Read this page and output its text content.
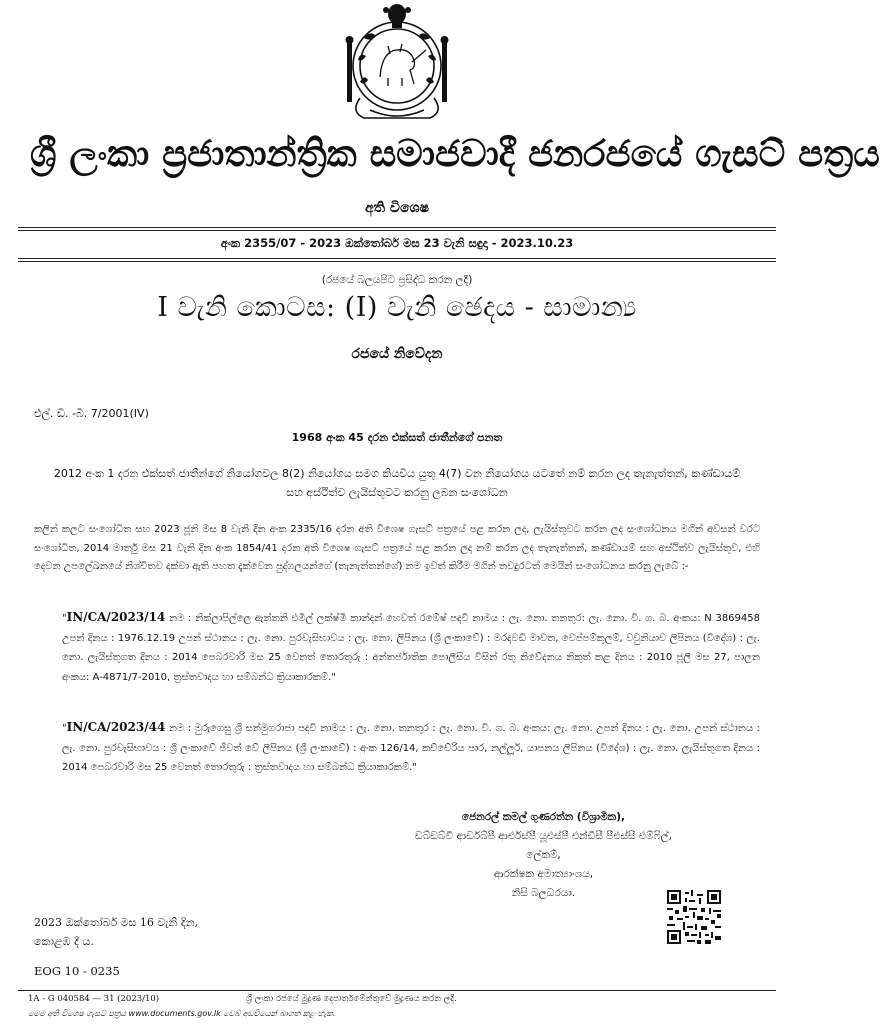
ශ්‍රී ලංකා ප්‍රජාතාන්ත්‍රික සමාජවාදී ජනරජයේ ගැසට් පත්‍රය
අති විශෙෂ
අංක 2355/07 - 2023 ඔක්තෝබර් මස 23 වැනි සඳුදා - 2023.10.23
(රජයේ බලයපිට ප්‍රසිද්ධ කරන ලදී)
I වැනි කොටස: (I) වැනි ඡෙදය - සාමාන්‍ය
රජයේ නිවේදන
එල්. ඩී. -බී. 7/2001(IV)
1968 අංක 45 දරන එක්සත් ජාතීන්ගේ පනත
2012 අංක 1 දරන එක්සත් ජාතීන්ගේ නියෝගවල 8(2) නියෝගය සමග කියවිය යුතු 4(7) වන නියෝගය යටතේ නම් කරන ලද තැනැත්තන්, කණ්ඩායම් සහ අස්ථිත්ව ලැයිස්තුවට කරනු ලබන සංශෝධන
කලින් කලට සංශෝධිත සහ 2023 ජූනි මස 8 වැනි දින අංක 2335/16 දරන අති විශෙෂ ගැසට් පත්‍රයේ පළ කරන ලද, ලැයිස්තුවට කරන ලද සංශෝධනය මගින් අවසන් වරට සංශෝධිත, 2014 මාර්තු මස 21 වැනි දින අංක 1854/41 දරන අති විශෙෂ ගැසට් පත්‍රයේ පළ කරන ලද නම් කරන ලද තැනැත්තන්, කණ්ඩායම් සහ අස්ථිත්ව ලැයිස්තුව, එහි දෙවන උපලේඛනයේ නිශ්චිතව දක්වා ඇති පහත දැක්වෙන පුද්ගලයන්ගේ (තැනැත්තන්ගේ) නම ඉවත් කිරීම මගින් තවදුරටත් මෙයින් සංශෝධනය කරනු ලැබේ :-
"IN/CA/2023/14 නම : නික්ලාපිල්ලෙ ඇන්තනි එමිල් ලක්ෂ්මි කාන්දන් හෙවත් රමේෂ් පදවි නාමය : ලැ. නො. තනතුර: ලැ. නො. වි. ග. බ. අංකය: N 3869458 උපන් දිනය : 1976.12.19 උපන් ස්ථානය : ලැ. නො. පුරවැසිභාවය : ලැ. නො. ලිපිනය (ශ්‍රී ලංකාවේ) : මරදවඩි මාවත, වෙප්පම්කුලම්, වවුනියාව ලිපිනය (විදේශ) : ලැ. නො. ලැයිස්තුගත දිනය : 2014 පෙබරවාරි මස 25 වෙනත් තොරතුරු : අන්තර්ජාතික පොලීසිය විසින් රතු නිවේදනය නිකුත් කළ දිනය : 2010 ජූලි මස 27, පාලන අංකය: A-4871/7-2010, ත්‍රස්තවාදය හා සම්බන්ධ ක්‍රියාකාරකම්."
"IN/CA/2023/44 නම : මුරුගෙසු ශ්‍රී සන්මුගරාජා පදවි නාමය : ලැ. නො. තනතුර : ලැ. නො. වි. ග. බ. අංකය: ලැ. නො. උපන් දිනය : ලැ. නො. උපන් ස්ථානය : ලැ. නො. පුරවැසිභාවය : ශ්‍රී ලංකාවේ ජීවත් වේ ලිපිනය (ශ්‍රී ලංකාවේ) : අංක 126/14, කච්චේරිය පාර, නල්ලූර්, යාපනය ලිපිනය (විදේශ) : ලැ. නො. ලැයිස්තුගත දිනය : 2014 පෙබරවාරි මස 25 වෙනත් තොරතුරු : ත්‍රස්තවාදය හා සම්බන්ධ ක්‍රියාකාරකම්."
ජෙනරල් කමල් ගුණරත්න (විශ්‍රාමික),
ඩබ්ඩබ්වී ආර්ඩබ්පී ආර්එස්පී යූඑස්පී එන්ඩීසී පීඑස්සී එම්ෆිල්,
ලේකම්,
ආරක්ෂක අමාත්‍යාංශය,
නිසි බලධරයා.
2023 ඔක්තෝබර් මස 16 වැනි දින,
කොළඹ දී ය.
EOG 10 - 0235
1A - G 040584 — 31 (2023/10)	ශ්‍රී ලංකා රජයේ මුද්‍රණ දෙපාර්තමේන්තුවේ මුද්‍රණය කරන ලදී.
මෙම අති විශෙෂ ගැසට් පත්‍රය www.documents.gov.lk වෙබ් අඩවියෙන් බාගත කළ හැක.
